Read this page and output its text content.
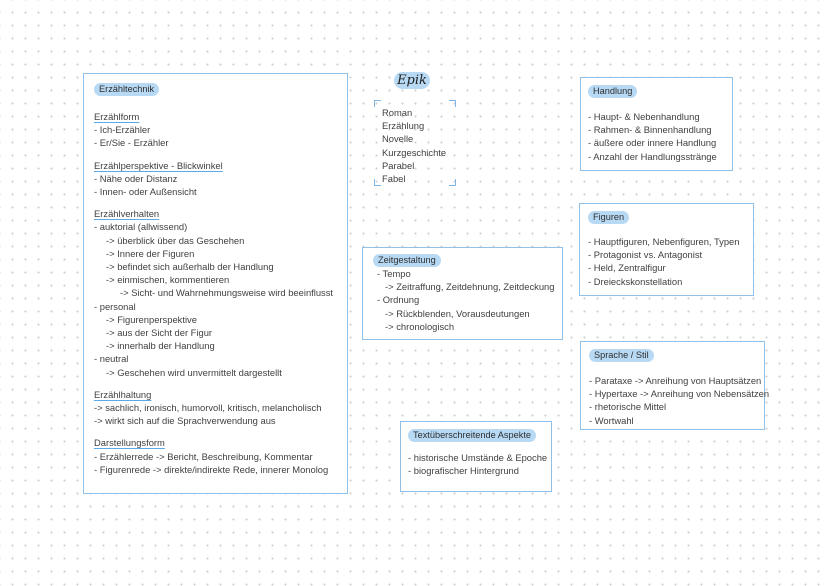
Epik
Roman
Erzählung
Novelle
Kurzgeschichte
Parabel
Fabel
Erzähltechnik
Erzählform
- Ich-Erzähler
- Er/Sie - Erzähler
Erzählperspektive - Blickwinkel
- Nähe oder Distanz
- Innen- oder Außensicht
Erzählverhalten
- auktorial (allwissend)
-> überblick über das Geschehen
-> Innere der Figuren
-> befindet sich außerhalb der Handlung
-> einmischen, kommentieren
-> Sicht- und Wahrnehmungsweise wird beeinflusst
- personal
-> Figurenperspektive
-> aus der Sicht der Figur
-> innerhalb der Handlung
- neutral
-> Geschehen wird unvermittelt dargestellt
Erzählhaltung
-> sachlich, ironisch, humorvoll, kritisch, melancholisch
-> wirkt sich auf die Sprachverwendung aus
Darstellungsform
- Erzählerrede -> Bericht, Beschreibung, Kommentar
- Figurenrede -> direkte/indirekte Rede, innerer Monolog
Zeitgestaltung
- Tempo
-> Zeitraffung, Zeitdehnung, Zeitdeckung
- Ordnung
-> Rückblenden, Vorausdeutungen
-> chronologisch
Textüberschreitende Aspekte
- historische Umstände & Epoche
- biografischer Hintergrund
Handlung
- Haupt- & Nebenhandlung
- Rahmen- & Binnenhandlung
- äußere oder innere Handlung
- Anzahl der Handlungsstränge
Figuren
- Hauptfiguren, Nebenfiguren, Typen
- Protagonist vs. Antagonist
- Held, Zentralfigur
- Dreieckskonstellation
Sprache / Stil
- Parataxe -> Anreihung von Hauptsätzen
- Hypertaxe -> Anreihung von Nebensätzen
- rhetorische Mittel
- Wortwahl
